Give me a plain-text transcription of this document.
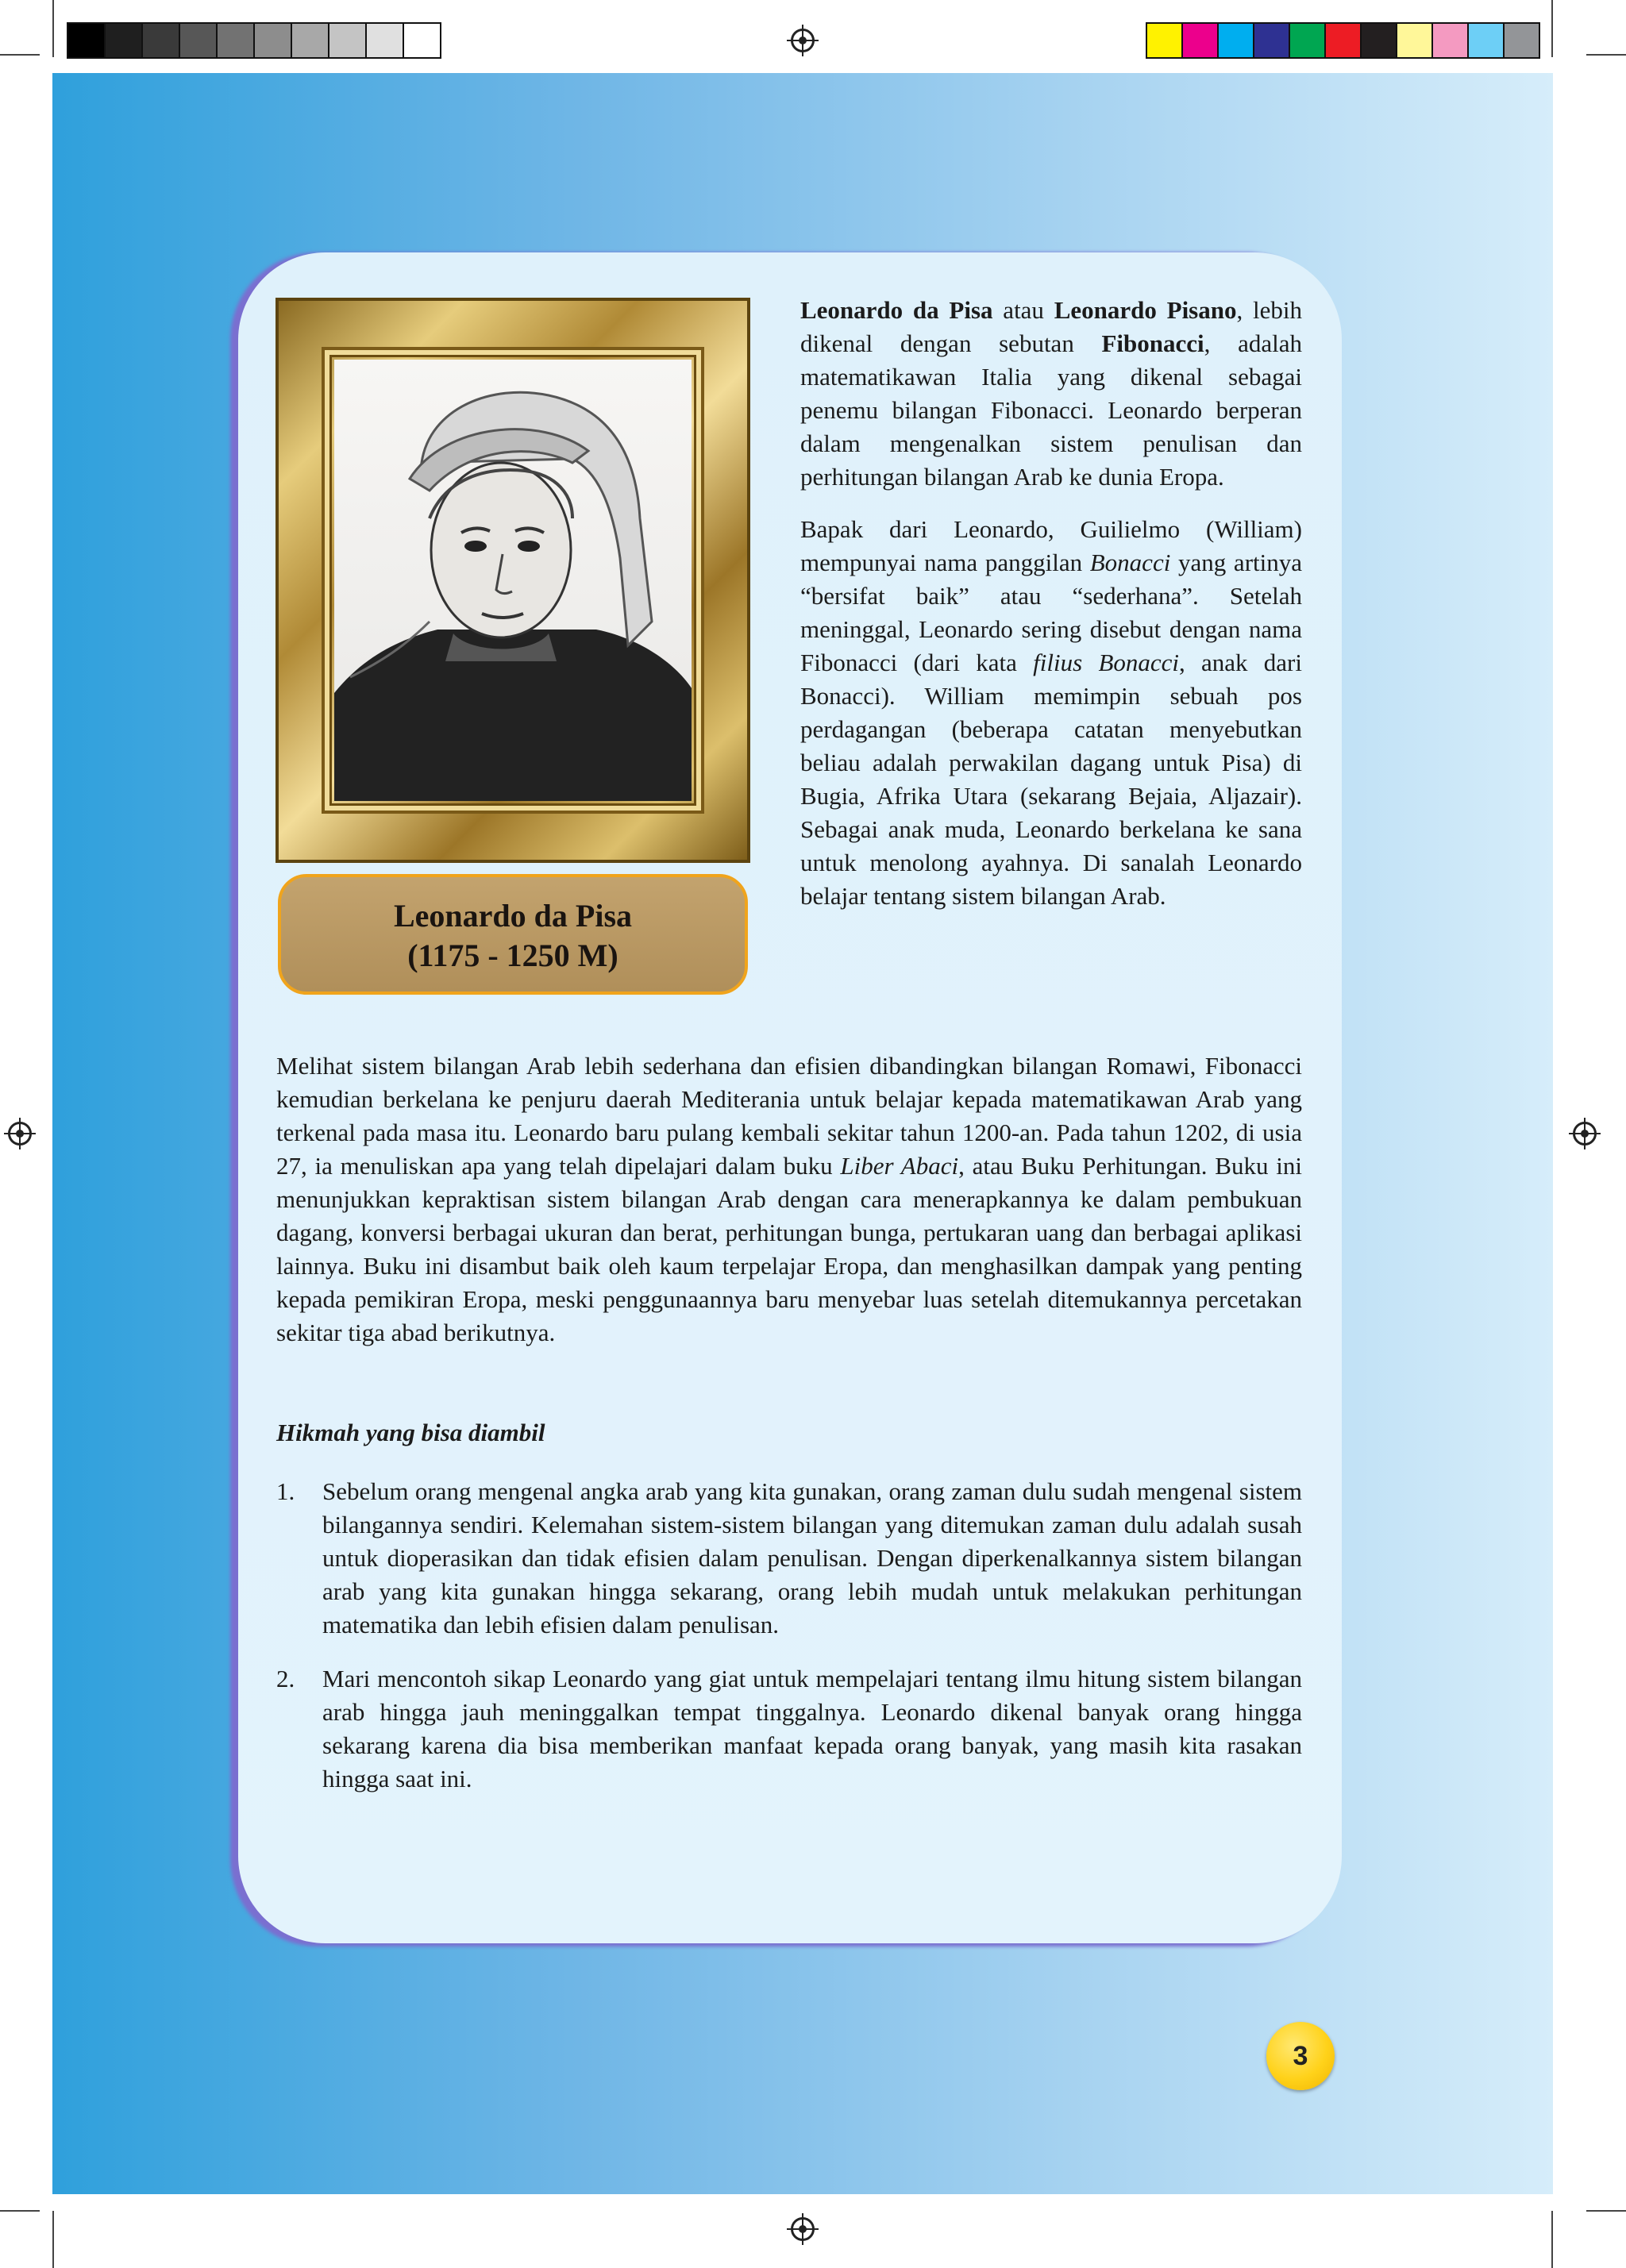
Leonardo da Pisa
(1175 - 1250 M)

Leonardo da Pisa atau Leonardo Pisano, lebih dikenal dengan sebutan Fibonacci, adalah matematikawan Italia yang dikenal sebagai penemu bilangan Fibonacci. Leonardo berperan dalam mengenalkan sistem penulisan dan perhitungan bilangan Arab ke dunia Eropa.

Bapak dari Leonardo, Guilielmo (William) mempunyai nama panggilan Bonacci yang artinya “bersifat baik” atau “sederhana”. Setelah meninggal, Leonardo sering disebut dengan nama Fibonacci (dari kata filius Bonacci, anak dari Bonacci). William memimpin sebuah pos perdagangan (beberapa catatan menyebutkan beliau adalah perwakilan dagang untuk Pisa) di Bugia, Afrika Utara (sekarang Bejaia, Aljazair). Sebagai anak muda, Leonardo berkelana ke sana untuk menolong ayahnya. Di sanalah Leonardo belajar tentang sistem bilangan Arab.

Melihat sistem bilangan Arab lebih sederhana dan efisien dibandingkan bilangan Romawi, Fibonacci kemudian berkelana ke penjuru daerah Mediterania untuk belajar kepada matematikawan Arab yang terkenal pada masa itu. Leonardo baru pulang kembali sekitar tahun 1200-an. Pada tahun 1202, di usia 27, ia menuliskan apa yang telah dipelajari dalam buku Liber Abaci, atau Buku Perhitungan. Buku ini menunjukkan kepraktisan sistem bilangan Arab dengan cara menerapkannya ke dalam pembukuan dagang, konversi berbagai ukuran dan berat, perhitungan bunga, pertukaran uang dan berbagai aplikasi lainnya. Buku ini disambut baik oleh kaum terpelajar Eropa, dan menghasilkan dampak yang penting kepada pemikiran Eropa, meski penggunaannya baru menyebar luas setelah ditemukannya percetakan sekitar tiga abad berikutnya.
Hikmah yang bisa diambil
1. Sebelum orang mengenal angka arab yang kita gunakan, orang zaman dulu sudah mengenal sistem bilangannya sendiri. Kelemahan sistem-sistem bilangan yang ditemukan zaman dulu adalah susah untuk dioperasikan dan tidak efisien dalam penulisan. Dengan diperkenalkannya sistem bilangan arab yang kita gunakan hingga sekarang, orang lebih mudah untuk melakukan perhitungan matematika dan lebih efisien dalam penulisan.
2. Mari mencontoh sikap Leonardo yang giat untuk mempelajari tentang ilmu hitung sistem bilangan arab hingga jauh meninggalkan tempat tinggalnya. Leonardo dikenal banyak orang hingga sekarang karena dia bisa memberikan manfaat kepada orang banyak, yang masih kita rasakan hingga saat ini.
3
